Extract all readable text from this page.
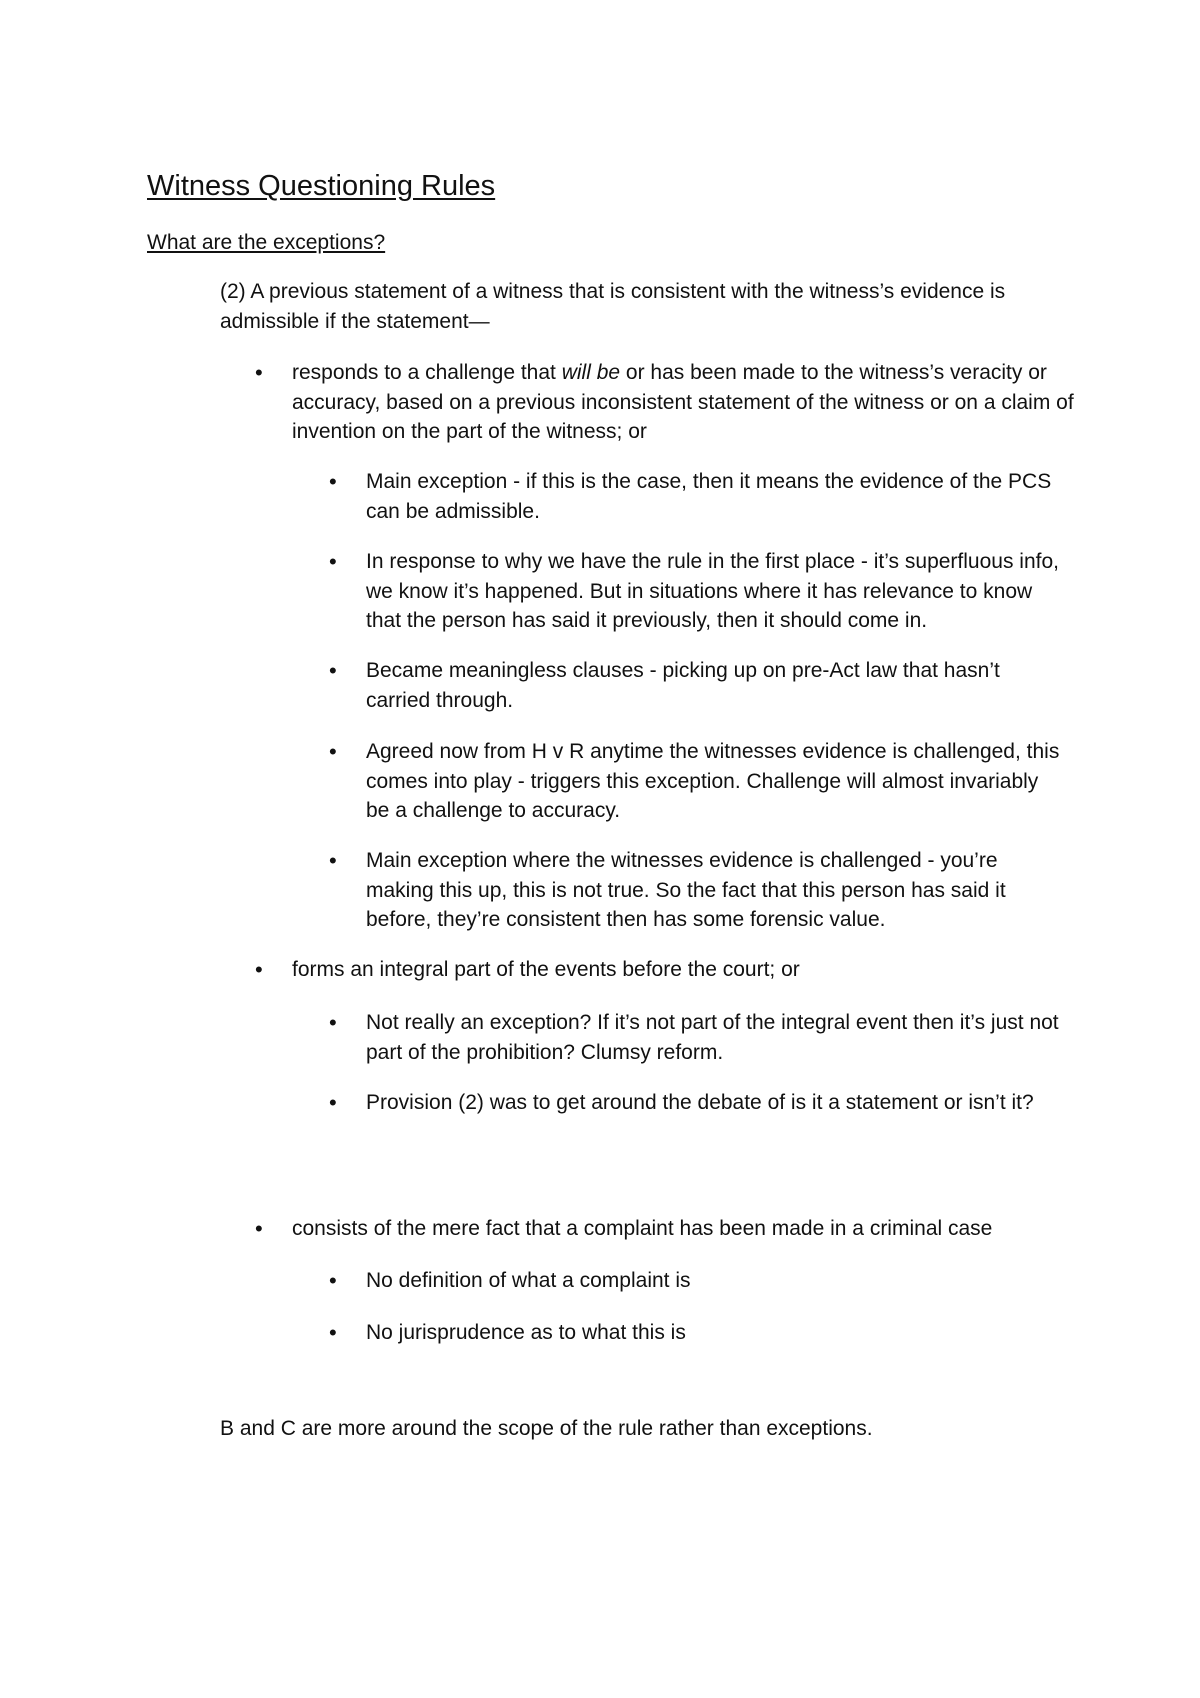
Witness Questioning Rules
What are the exceptions?

(2) A previous statement of a witness that is consistent with the witness’s evidence is admissible if the statement—

• responds to a challenge that will be or has been made to the witness’s veracity or accuracy, based on a previous inconsistent statement of the witness or on a claim of invention on the part of the witness; or
• Main exception - if this is the case, then it means the evidence of the PCS can be admissible.
• In response to why we have the rule in the first place - it’s superfluous info, we know it’s happened. But in situations where it has relevance to know that the person has said it previously, then it should come in.
• Became meaningless clauses - picking up on pre-Act law that hasn’t carried through.
• Agreed now from H v R anytime the witnesses evidence is challenged, this comes into play - triggers this exception. Challenge will almost invariably be a challenge to accuracy.
• Main exception where the witnesses evidence is challenged - you’re making this up, this is not true. So the fact that this person has said it before, they’re consistent then has some forensic value.
• forms an integral part of the events before the court; or
• Not really an exception? If it’s not part of the integral event then it’s just not part of the prohibition? Clumsy reform.
• Provision (2) was to get around the debate of is it a statement or isn’t it?
• consists of the mere fact that a complaint has been made in a criminal case
• No definition of what a complaint is
• No jurisprudence as to what this is

B and C are more around the scope of the rule rather than exceptions.
